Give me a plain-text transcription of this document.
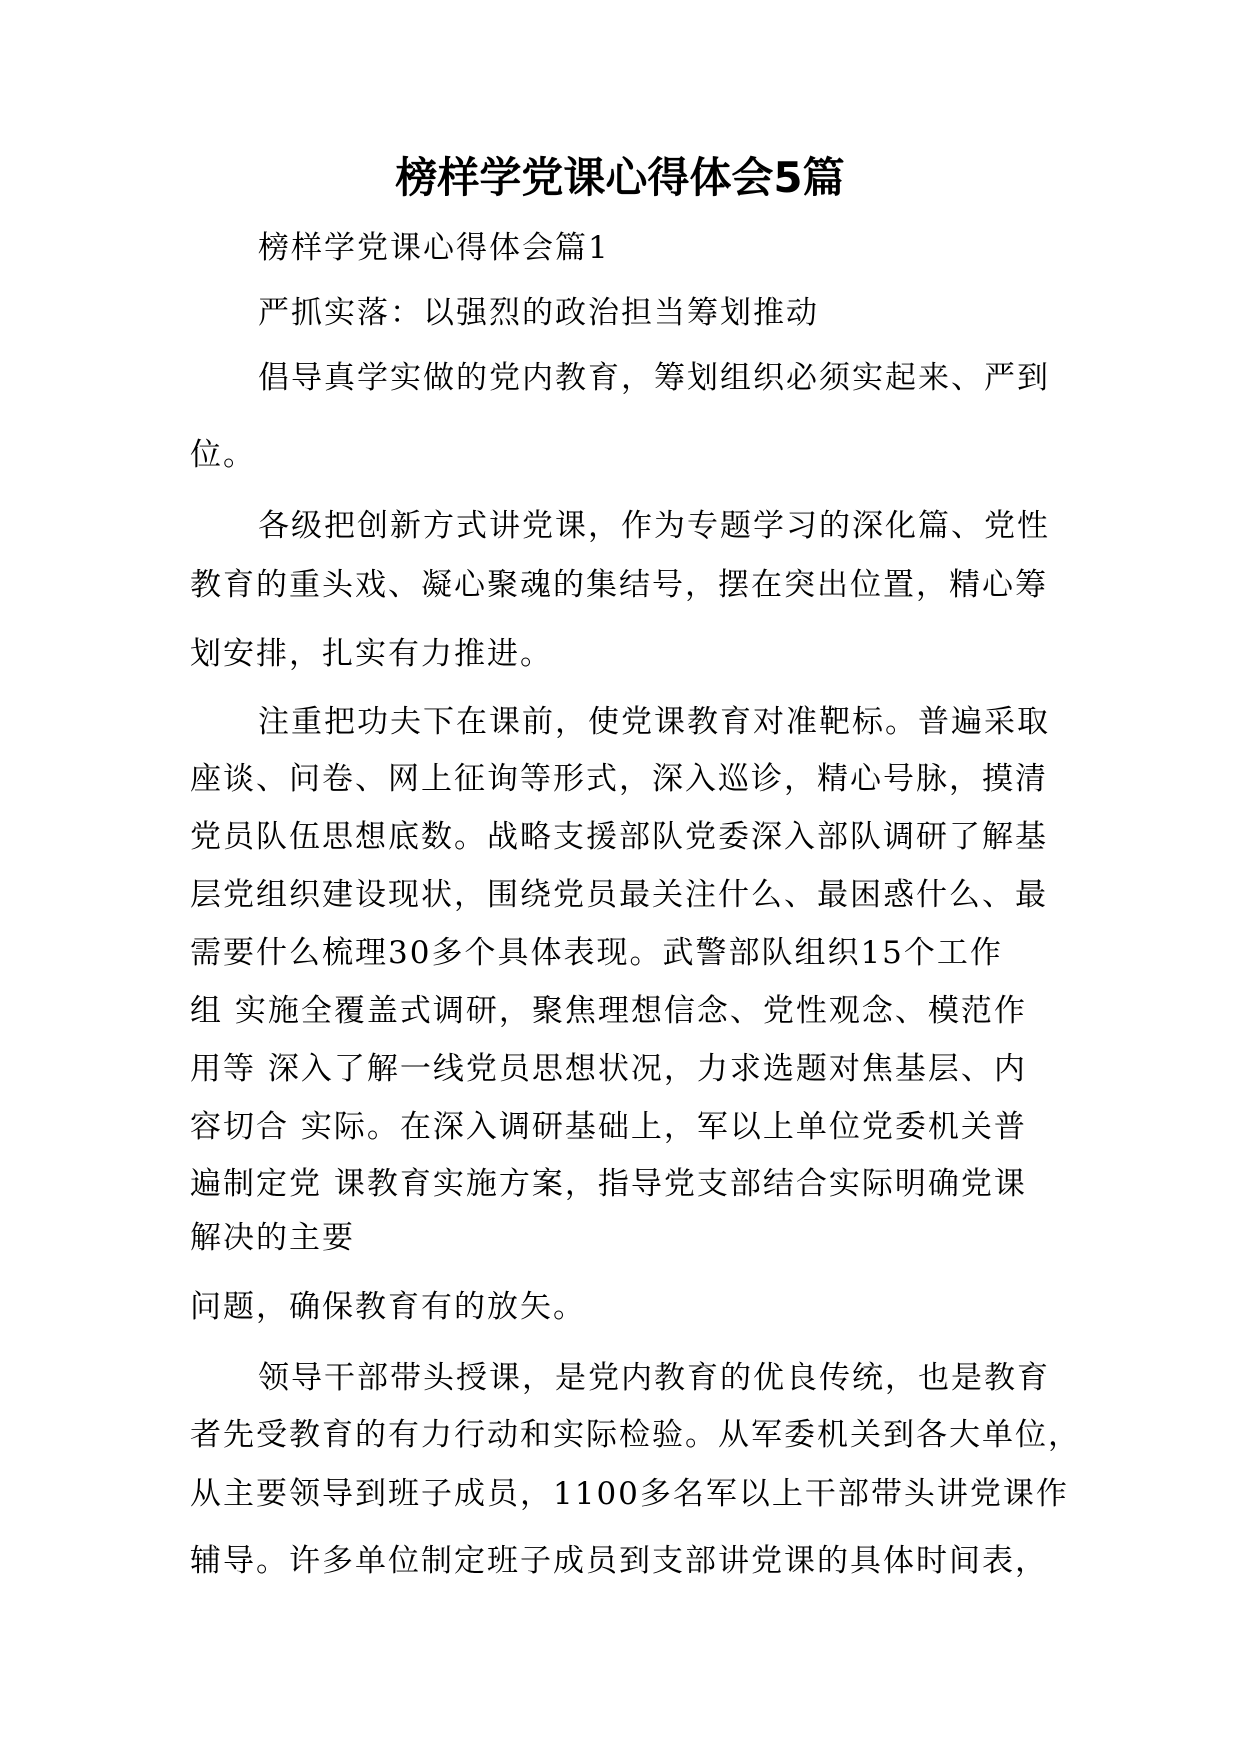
榜样学党课心得体会5篇

榜样学党课心得体会篇1

严抓实落：以强烈的政治担当筹划推动

倡导真学实做的党内教育，筹划组织必须实起来、严到

位。

各级把创新方式讲党课，作为专题学习的深化篇、党性

教育的重头戏、凝心聚魂的集结号，摆在突出位置，精心筹

划安排，扎实有力推进。

注重把功夫下在课前，使党课教育对准靶标。普遍采取

座谈、问卷、网上征询等形式，深入巡诊，精心号脉，摸清

党员队伍思想底数。战略支援部队党委深入部队调研了解基

层党组织建设现状，围绕党员最关注什么、最困惑什么、最

需要什么梳理30多个具体表现。武警部队组织15个工作

组 实施全覆盖式调研，聚焦理想信念、党性观念、模范作

用等 深入了解一线党员思想状况，力求选题对焦基层、内

容切合 实际。在深入调研基础上，军以上单位党委机关普

遍制定党 课教育实施方案，指导党支部结合实际明确党课

解决的主要

问题，确保教育有的放矢。

领导干部带头授课，是党内教育的优良传统，也是教育

者先受教育的有力行动和实际检验。从军委机关到各大单位，

从主要领导到班子成员，1100多名军以上干部带头讲党课作

辅导。许多单位制定班子成员到支部讲党课的具体时间表，
